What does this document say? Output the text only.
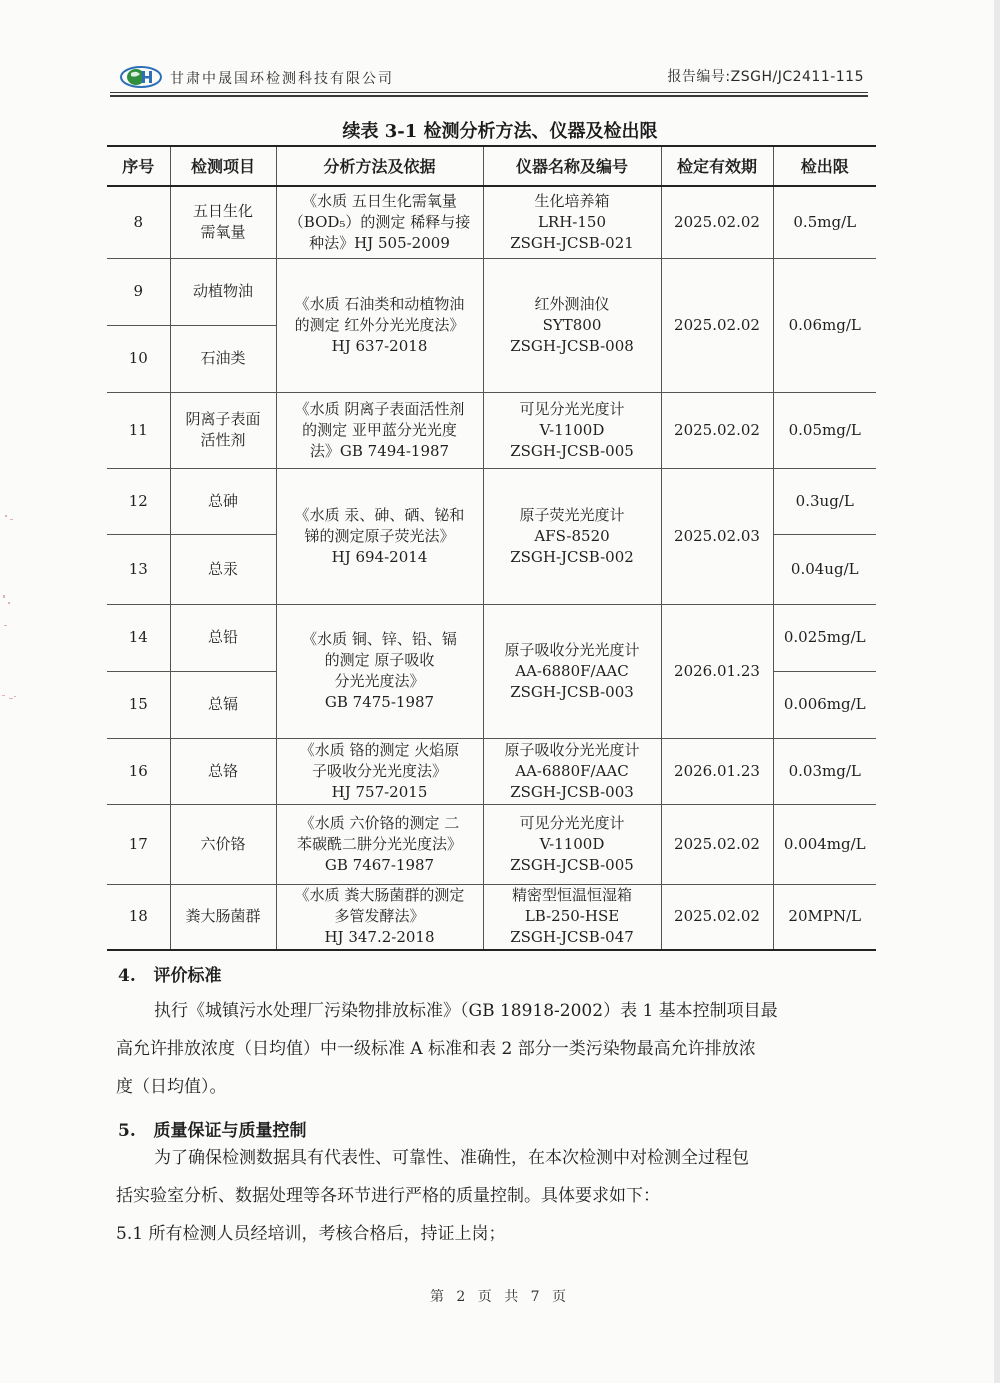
甘肃中晟国环检测科技有限公司	报告编号:ZSGH/JC2411-115
续表 3-1 检测分析方法、仪器及检出限
序号	检测项目	分析方法及依据	仪器名称及编号	检定有效期	检出限
8	五日生化
需氧量	《水质 五日生化需氧量
（BOD₅）的测定 稀释与接
种法》HJ 505-2009	生化培养箱
LRH-150
ZSGH-JCSB-021	2025.02.02	0.5mg/L
9	动植物油	《水质 石油类和动植物油
的测定 红外分光光度法》
HJ 637-2018	红外测油仪
SYT800
ZSGH-JCSB-008	2025.02.02	0.06mg/L
10	石油类				

11	阴离子表面
活性剂	《水质 阴离子表面活性剂
的测定 亚甲蓝分光光度
法》GB 7494-1987	可见分光光度计
V-1100D
ZSGH-JCSB-005	2025.02.02	0.05mg/L
12	总砷	《水质 汞、砷、硒、铋和
锑的测定原子荧光法》
HJ 694-2014	原子荧光光度计
AFS-8520
ZSGH-JCSB-002	2025.02.03	0.3ug/L
13	总汞				0.04ug/L
14	总铅	《水质 铜、锌、铅、镉
的测定 原子吸收
分光光度法》
GB 7475-1987	原子吸收分光光度计
AA-6880F/AAC
ZSGH-JCSB-003	2026.01.23	0.025mg/L
15	总镉				0.006mg/L
16	总铬	《水质 铬的测定 火焰原
子吸收分光光度法》
HJ 757-2015	原子吸收分光光度计
AA-6880F/AAC
ZSGH-JCSB-003	2026.01.23	0.03mg/L
17	六价铬	《水质 六价铬的测定 二
苯碳酰二肼分光光度法》
GB 7467-1987	可见分光光度计
V-1100D
ZSGH-JCSB-005	2025.02.02	0.004mg/L
18	粪大肠菌群	《水质 粪大肠菌群的测定
多管发酵法》
HJ 347.2-2018	精密型恒温恒湿箱
LB-250-HSE
ZSGH-JCSB-047	2025.02.02	20MPN/L
4. 评价标准
执行《城镇污水处理厂污染物排放标准》（GB 18918-2002）表 1 基本控制项目最
高允许排放浓度（日均值）中一级标准 A 标准和表 2 部分一类污染物最高允许排放浓
度（日均值）。
5. 质量保证与质量控制
为了确保检测数据具有代表性、可靠性、准确性，在本次检测中对检测全过程包
括实验室分析、数据处理等各环节进行严格的质量控制。具体要求如下：
5.1 所有检测人员经培训，考核合格后，持证上岗；
第 2 页 共 7 页
